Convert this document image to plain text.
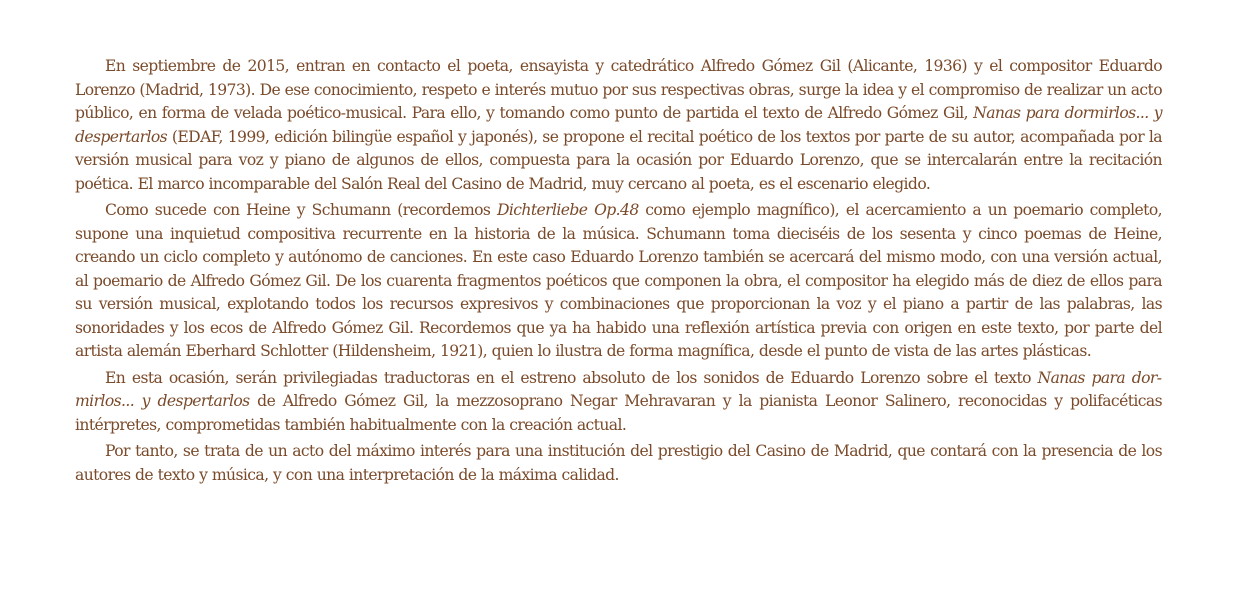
En septiembre de 2015, entran en contacto el poeta, ensayista y catedrático Alfredo Gómez Gil (Alicante, 1936) y el compositor Eduardo Lorenzo (Madrid, 1973). De ese conocimiento, respeto e interés mutuo por sus respectivas obras, surge la idea y el compromiso de realizar un acto público, en forma de velada poético-musical. Para ello, y tomando como punto de partida el texto de Alfredo Gómez Gil, Nanas para dormirlos... y despertarlos (EDAF, 1999, edición bilingüe español y japonés), se propone el recital poético de los textos por parte de su autor, acompañada por la versión musical para voz y piano de algunos de ellos, compuesta para la ocasión por Eduardo Lorenzo, que se intercalarán entre la recitación poética. El marco incomparable del Salón Real del Casino de Madrid, muy cercano al poeta, es el escenario elegido.

Como sucede con Heine y Schumann (recordemos Dichterliebe Op.48 como ejemplo magnífico), el acercamiento a un poemario completo, supone una inquietud compositiva recurrente en la historia de la música. Schumann toma dieciséis de los sesenta y cinco poemas de Heine, creando un ciclo completo y autónomo de canciones. En este caso Eduardo Lorenzo también se acercará del mismo modo, con una versión actual, al poemario de Alfredo Gómez Gil. De los cuarenta fragmentos poéticos que componen la obra, el compositor ha elegido más de diez de ellos para su versión musical, explotando todos los recursos expresivos y combinaciones que proporcionan la voz y el piano a partir de las palabras, las sonoridades y los ecos de Alfredo Gómez Gil. Recordemos que ya ha habido una reflexión artística previa con origen en este texto, por parte del artista alemán Eberhard Schlotter (Hildensheim, 1921), quien lo ilustra de forma magnífica, desde el punto de vista de las artes plásticas.

En esta ocasión, serán privilegiadas traductoras en el estreno absoluto de los sonidos de Eduardo Lorenzo sobre el texto Nanas para dormirlos... y despertarlos de Alfredo Gómez Gil, la mezzosoprano Negar Mehravaran y la pianista Leonor Salinero, reconocidas y polifacéticas intérpretes, comprometidas también habitualmente con la creación actual.

Por tanto, se trata de un acto del máximo interés para una institución del prestigio del Casino de Madrid, que contará con la presencia de los autores de texto y música, y con una interpretación de la máxima calidad.
